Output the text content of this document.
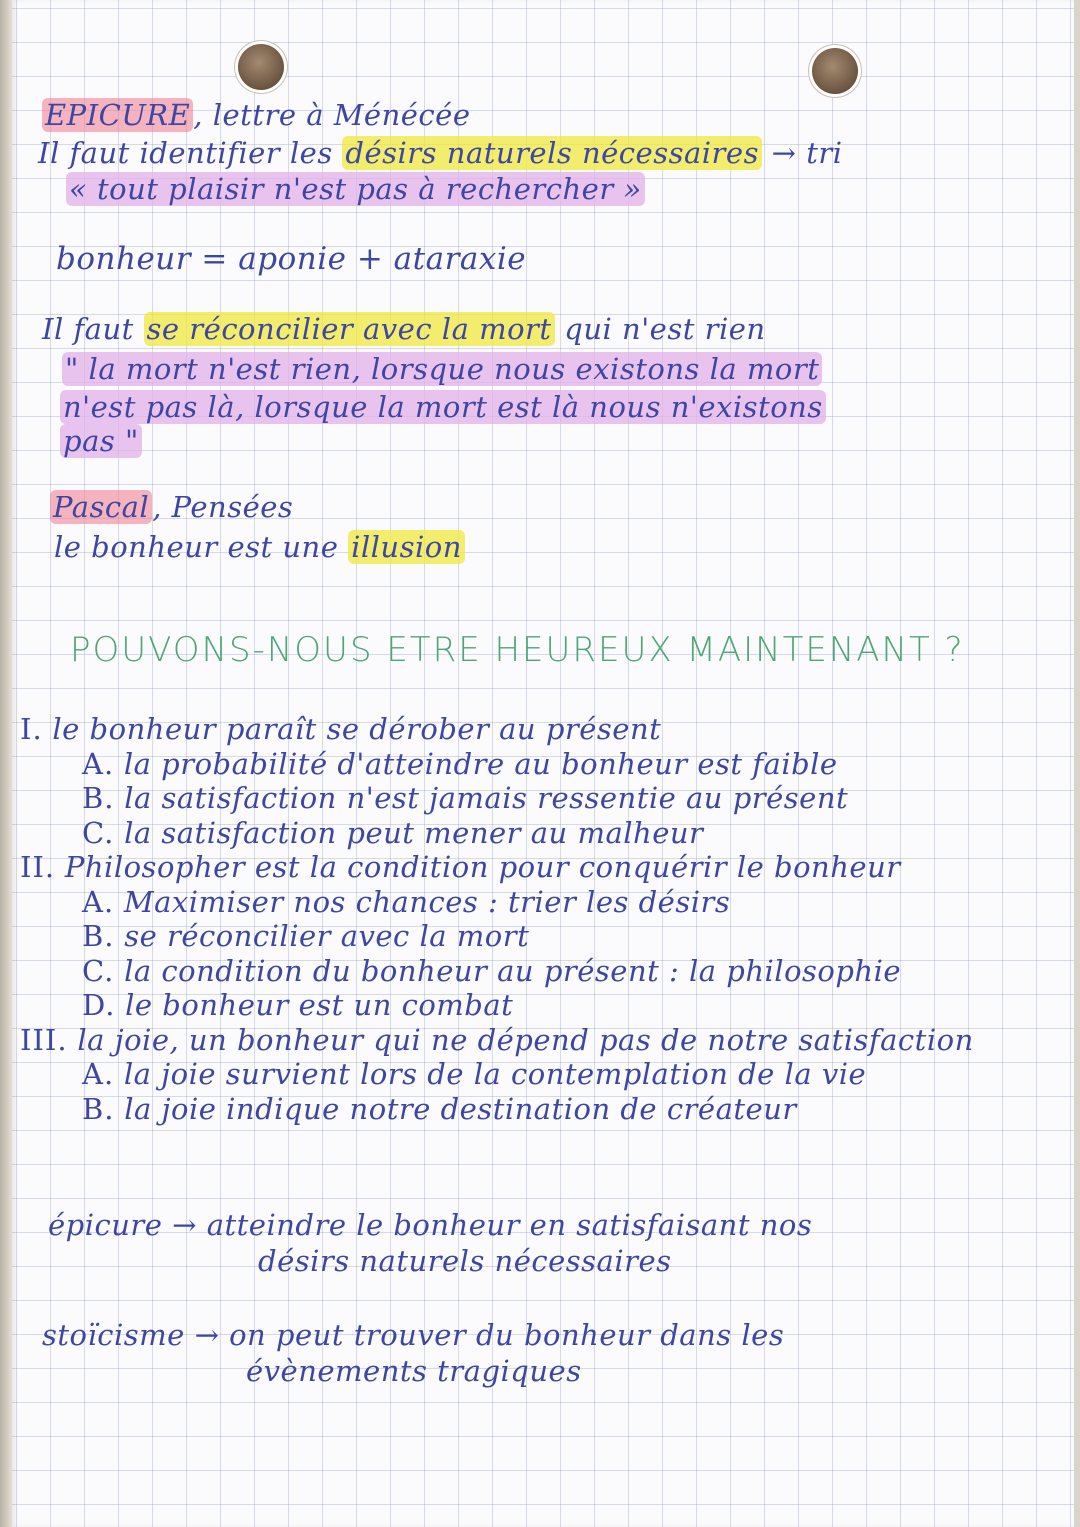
EPICURE , lettre à Ménécée
Il faut identifier les désirs naturels nécessaires → tri
« tout plaisir n'est pas à rechercher »
bonheur = aponie + ataraxie
Il faut se réconcilier avec la mort qui n'est rien
" la mort n'est rien, lorsque nous existons la mort
n'est pas là, lorsque la mort est là nous n'existons
pas "
Pascal , Pensées
le bonheur est une illusion
POUVONS-NOUS ETRE HEUREUX MAINTENANT ?
I. le bonheur paraît se dérober au présent
A. la probabilité d'atteindre au bonheur est faible
B. la satisfaction n'est jamais ressentie au présent
C. la satisfaction peut mener au malheur
II. Philosopher est la condition pour conquérir le bonheur
A. Maximiser nos chances : trier les désirs
B. se réconcilier avec la mort
C. la condition du bonheur au présent : la philosophie
D. le bonheur est un combat
III. la joie, un bonheur qui ne dépend pas de notre satisfaction
A. la joie survient lors de la contemplation de la vie
B. la joie indique notre destination de créateur
épicure → atteindre le bonheur en satisfaisant nos
désirs naturels nécessaires
stoïcisme → on peut trouver du bonheur dans les
évènements tragiques
